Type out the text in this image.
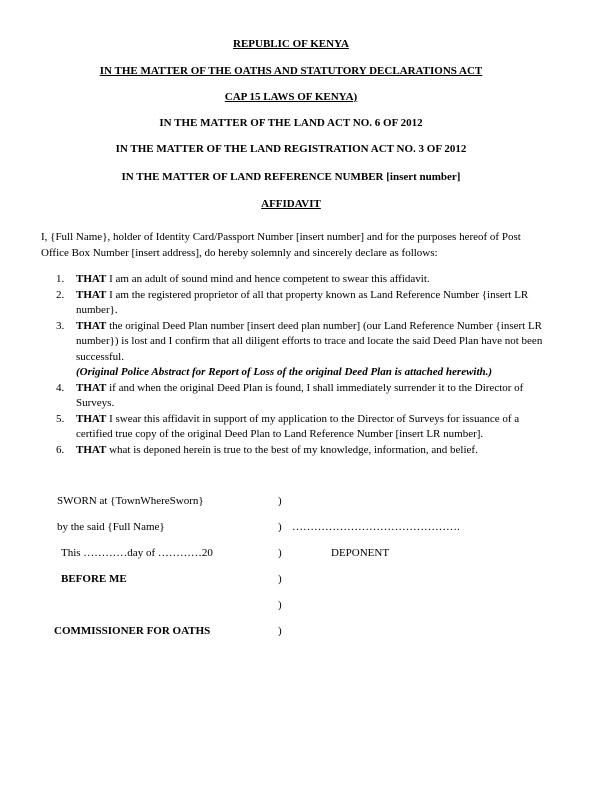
REPUBLIC OF KENYA
IN THE MATTER OF THE OATHS AND STATUTORY DECLARATIONS ACT
CAP 15 LAWS OF KENYA)
IN THE MATTER OF THE LAND ACT NO. 6 OF 2012
IN THE MATTER OF THE LAND REGISTRATION ACT NO. 3 OF 2012
IN THE MATTER OF LAND REFERENCE NUMBER [insert number]
AFFIDAVIT
I, {Full Name}, holder of Identity Card/Passport Number [insert number] and for the purposes hereof of Post Office Box Number [insert address], do hereby solemnly and sincerely declare as follows:
1.	THAT I am an adult of sound mind and hence competent to swear this affidavit.
2.	THAT I am the registered proprietor of all that property known as Land Reference Number {insert LR number}.
3.	THAT the original Deed Plan number [insert deed plan number] (our Land Reference Number {insert LR number}) is lost and I confirm that all diligent efforts to trace and locate the said Deed Plan have not been successful.
(Original Police Abstract for Report of Loss of the original Deed Plan is attached herewith.)
4.	THAT if and when the original Deed Plan is found, I shall immediately surrender it to the Director of Surveys.
5.	THAT I swear this affidavit in support of my application to the Director of Surveys for issuance of a certified true copy of the original Deed Plan to Land Reference Number [insert LR number].
6.	THAT what is deponed herein is true to the best of my knowledge, information, and belief.
SWORN at {TownWhereSworn}	)
by the said {Full Name}	) ……………………………………….
This …………day of …………20	)	DEPONENT
BEFORE ME	)
)
COMMISSIONER FOR OATHS	)
